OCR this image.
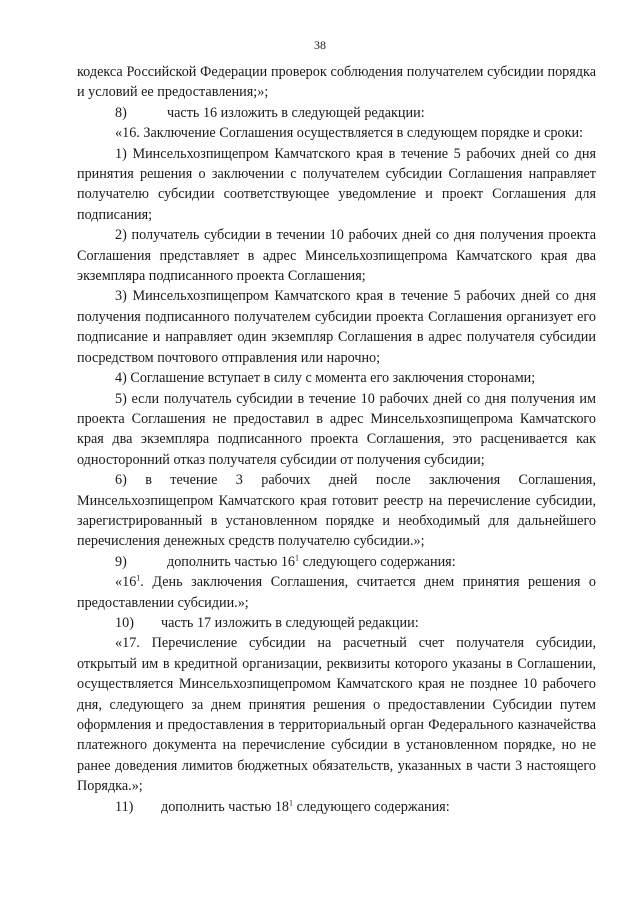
38

кодекса Российской Федерации проверок соблюдения получателем субсидии порядка и условий ее предоставления;»;

8)	часть 16 изложить в следующей редакции:

«16. Заключение Соглашения осуществляется в следующем порядке и сроки:

1) Минсельхозпищепром Камчатского края в течение 5 рабочих дней со дня принятия решения о заключении с получателем субсидии Соглашения направляет получателю субсидии соответствующее уведомление и проект Соглашения для подписания;

2) получатель субсидии в течении 10 рабочих дней со дня получения проекта Соглашения представляет в адрес Минсельхозпищепрома Камчатского края два экземпляра подписанного проекта Соглашения;

3) Минсельхозпищепром Камчатского края в течение 5 рабочих дней со дня получения подписанного получателем субсидии проекта Соглашения организует его подписание и направляет один экземпляр Соглашения в адрес получателя субсидии посредством почтового отправления или нарочно;

4) Соглашение вступает в силу с момента его заключения сторонами;

5) если получатель субсидии в течение 10 рабочих дней со дня получения им проекта Соглашения не предоставил в адрес Минсельхозпищепрома Камчатского края два экземпляра подписанного проекта Соглашения, это расценивается как односторонний отказ получателя субсидии от получения субсидии;

6) в течение 3 рабочих дней после заключения Соглашения, Минсельхозпищепром Камчатского края готовит реестр на перечисление субсидии, зарегистрированный в установленном порядке и необходимый для дальнейшего перечисления денежных средств получателю субсидии.»;

9)	дополнить частью $16^1$ следующего содержания:

«$16^1$. День заключения Соглашения, считается днем принятия решения о предоставлении субсидии.»;

10)	часть 17 изложить в следующей редакции:

«17. Перечисление субсидии на расчетный счет получателя субсидии, открытый им в кредитной организации, реквизиты которого указаны в Соглашении, осуществляется Минсельхозпищепромом Камчатского края не позднее 10 рабочего дня, следующего за днем принятия решения о предоставлении Субсидии путем оформления и предоставления в территориальный орган Федерального казначейства платежного документа на перечисление субсидии в установленном порядке, но не ранее доведения лимитов бюджетных обязательств, указанных в части 3 настоящего Порядка.»;

11)	дополнить частью $18^1$ следующего содержания:
